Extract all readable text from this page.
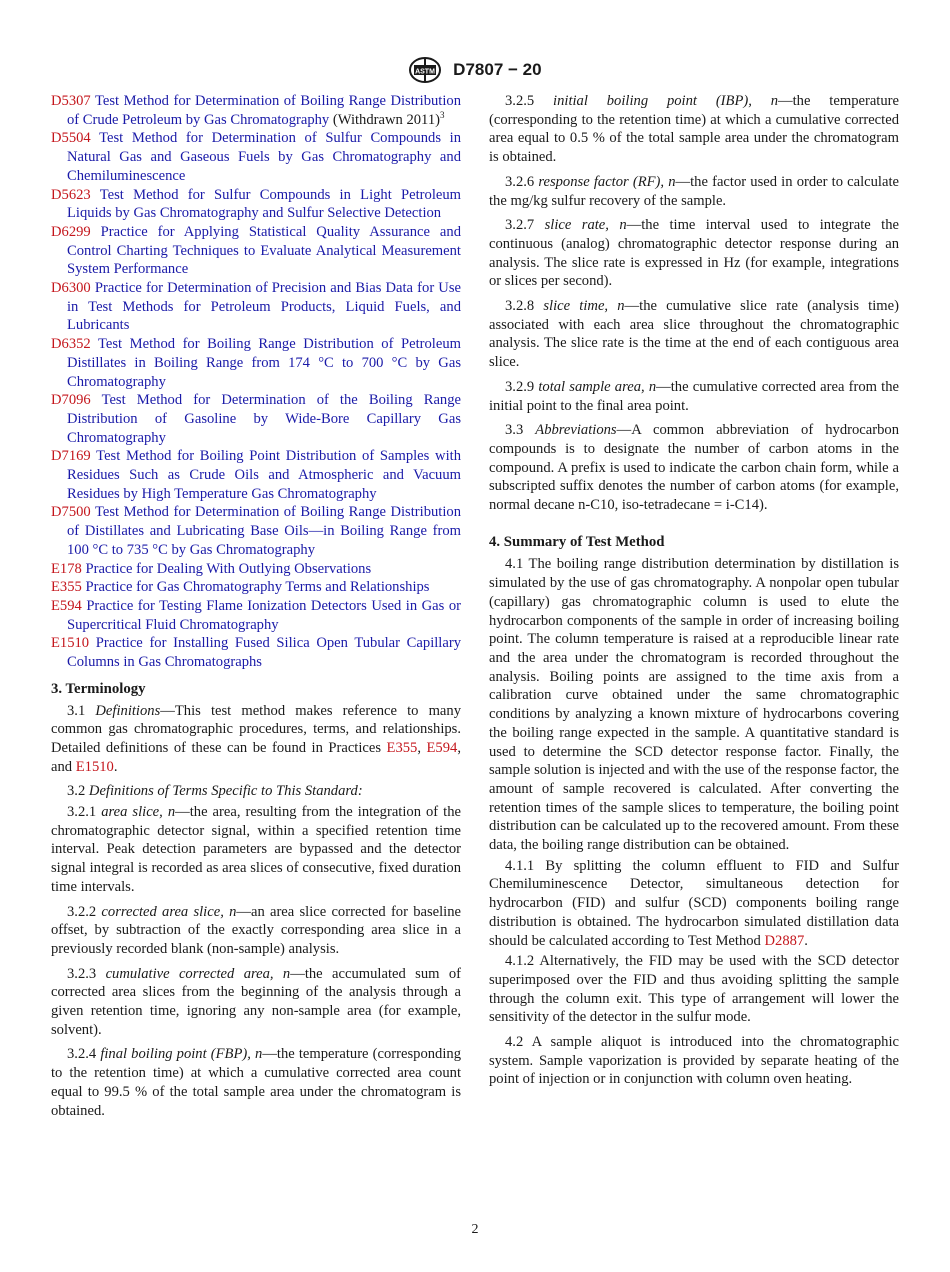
ASTM D7807 − 20
D5307 Test Method for Determination of Boiling Range Distribution of Crude Petroleum by Gas Chromatography (Withdrawn 2011)$^3$
D5504 Test Method for Determination of Sulfur Compounds in Natural Gas and Gaseous Fuels by Gas Chromatography and Chemiluminescence
D5623 Test Method for Sulfur Compounds in Light Petroleum Liquids by Gas Chromatography and Sulfur Selective Detection
D6299 Practice for Applying Statistical Quality Assurance and Control Charting Techniques to Evaluate Analytical Measurement System Performance
D6300 Practice for Determination of Precision and Bias Data for Use in Test Methods for Petroleum Products, Liquid Fuels, and Lubricants
D6352 Test Method for Boiling Range Distribution of Petroleum Distillates in Boiling Range from 174 °C to 700 °C by Gas Chromatography
D7096 Test Method for Determination of the Boiling Range Distribution of Gasoline by Wide-Bore Capillary Gas Chromatography
D7169 Test Method for Boiling Point Distribution of Samples with Residues Such as Crude Oils and Atmospheric and Vacuum Residues by High Temperature Gas Chromatography
D7500 Test Method for Determination of Boiling Range Distribution of Distillates and Lubricating Base Oils—in Boiling Range from 100 °C to 735 °C by Gas Chromatography
E178 Practice for Dealing With Outlying Observations
E355 Practice for Gas Chromatography Terms and Relationships
E594 Practice for Testing Flame Ionization Detectors Used in Gas or Supercritical Fluid Chromatography
E1510 Practice for Installing Fused Silica Open Tubular Capillary Columns in Gas Chromatographs
3. Terminology

3.1 Definitions—This test method makes reference to many common gas chromatographic procedures, terms, and relationships. Detailed definitions of these can be found in Practices E355, E594, and E1510.

3.2 Definitions of Terms Specific to This Standard:

3.2.1 area slice, n—the area, resulting from the integration of the chromatographic detector signal, within a specified retention time interval. Peak detection parameters are bypassed and the detector signal integral is recorded as area slices of consecutive, fixed duration time intervals.

3.2.2 corrected area slice, n—an area slice corrected for baseline offset, by subtraction of the exactly corresponding area slice in a previously recorded blank (non-sample) analysis.

3.2.3 cumulative corrected area, n—the accumulated sum of corrected area slices from the beginning of the analysis through a given retention time, ignoring any non-sample area (for example, solvent).

3.2.4 final boiling point (FBP), n—the temperature (corresponding to the retention time) at which a cumulative corrected area count equal to 99.5 % of the total sample area under the chromatogram is obtained.

3.2.5 initial boiling point (IBP), n—the temperature (corresponding to the retention time) at which a cumulative corrected area equal to 0.5 % of the total sample area under the chromatogram is obtained.

3.2.6 response factor (RF), n—the factor used in order to calculate the mg/kg sulfur recovery of the sample.

3.2.7 slice rate, n—the time interval used to integrate the continuous (analog) chromatographic detector response during an analysis. The slice rate is expressed in Hz (for example, integrations or slices per second).

3.2.8 slice time, n—the cumulative slice rate (analysis time) associated with each area slice throughout the chromatographic analysis. The slice rate is the time at the end of each contiguous area slice.

3.2.9 total sample area, n—the cumulative corrected area from the initial point to the final area point.

3.3 Abbreviations—A common abbreviation of hydrocarbon compounds is to designate the number of carbon atoms in the compound. A prefix is used to indicate the carbon chain form, while a subscripted suffix denotes the number of carbon atoms (for example, normal decane n-C10, iso-tetradecane = i-C14).

4. Summary of Test Method

4.1 The boiling range distribution determination by distillation is simulated by the use of gas chromatography. A nonpolar open tubular (capillary) gas chromatographic column is used to elute the hydrocarbon components of the sample in order of increasing boiling point. The column temperature is raised at a reproducible linear rate and the area under the chromatogram is recorded throughout the analysis. Boiling points are assigned to the time axis from a calibration curve obtained under the same chromatographic conditions by analyzing a known mixture of hydrocarbons covering the boiling range expected in the sample. A quantitative standard is used to determine the SCD detector response factor. Finally, the sample solution is injected and with the use of the response factor, the amount of sample recovered is calculated. After converting the retention times of the sample slices to temperature, the boiling point distribution can be calculated up to the recovered amount. From these data, the boiling range distribution can be obtained.

4.1.1 By splitting the column effluent to FID and Sulfur Chemiluminescence Detector, simultaneous detection for hydrocarbon (FID) and sulfur (SCD) components boiling range distribution is obtained. The hydrocarbon simulated distillation data should be calculated according to Test Method D2887.

4.1.2 Alternatively, the FID may be used with the SCD detector superimposed over the FID and thus avoiding splitting the sample through the column exit. This type of arrangement will lower the sensitivity of the detector in the sulfur mode.

4.2 A sample aliquot is introduced into the chromatographic system. Sample vaporization is provided by separate heating of the point of injection or in conjunction with column oven heating.

2
